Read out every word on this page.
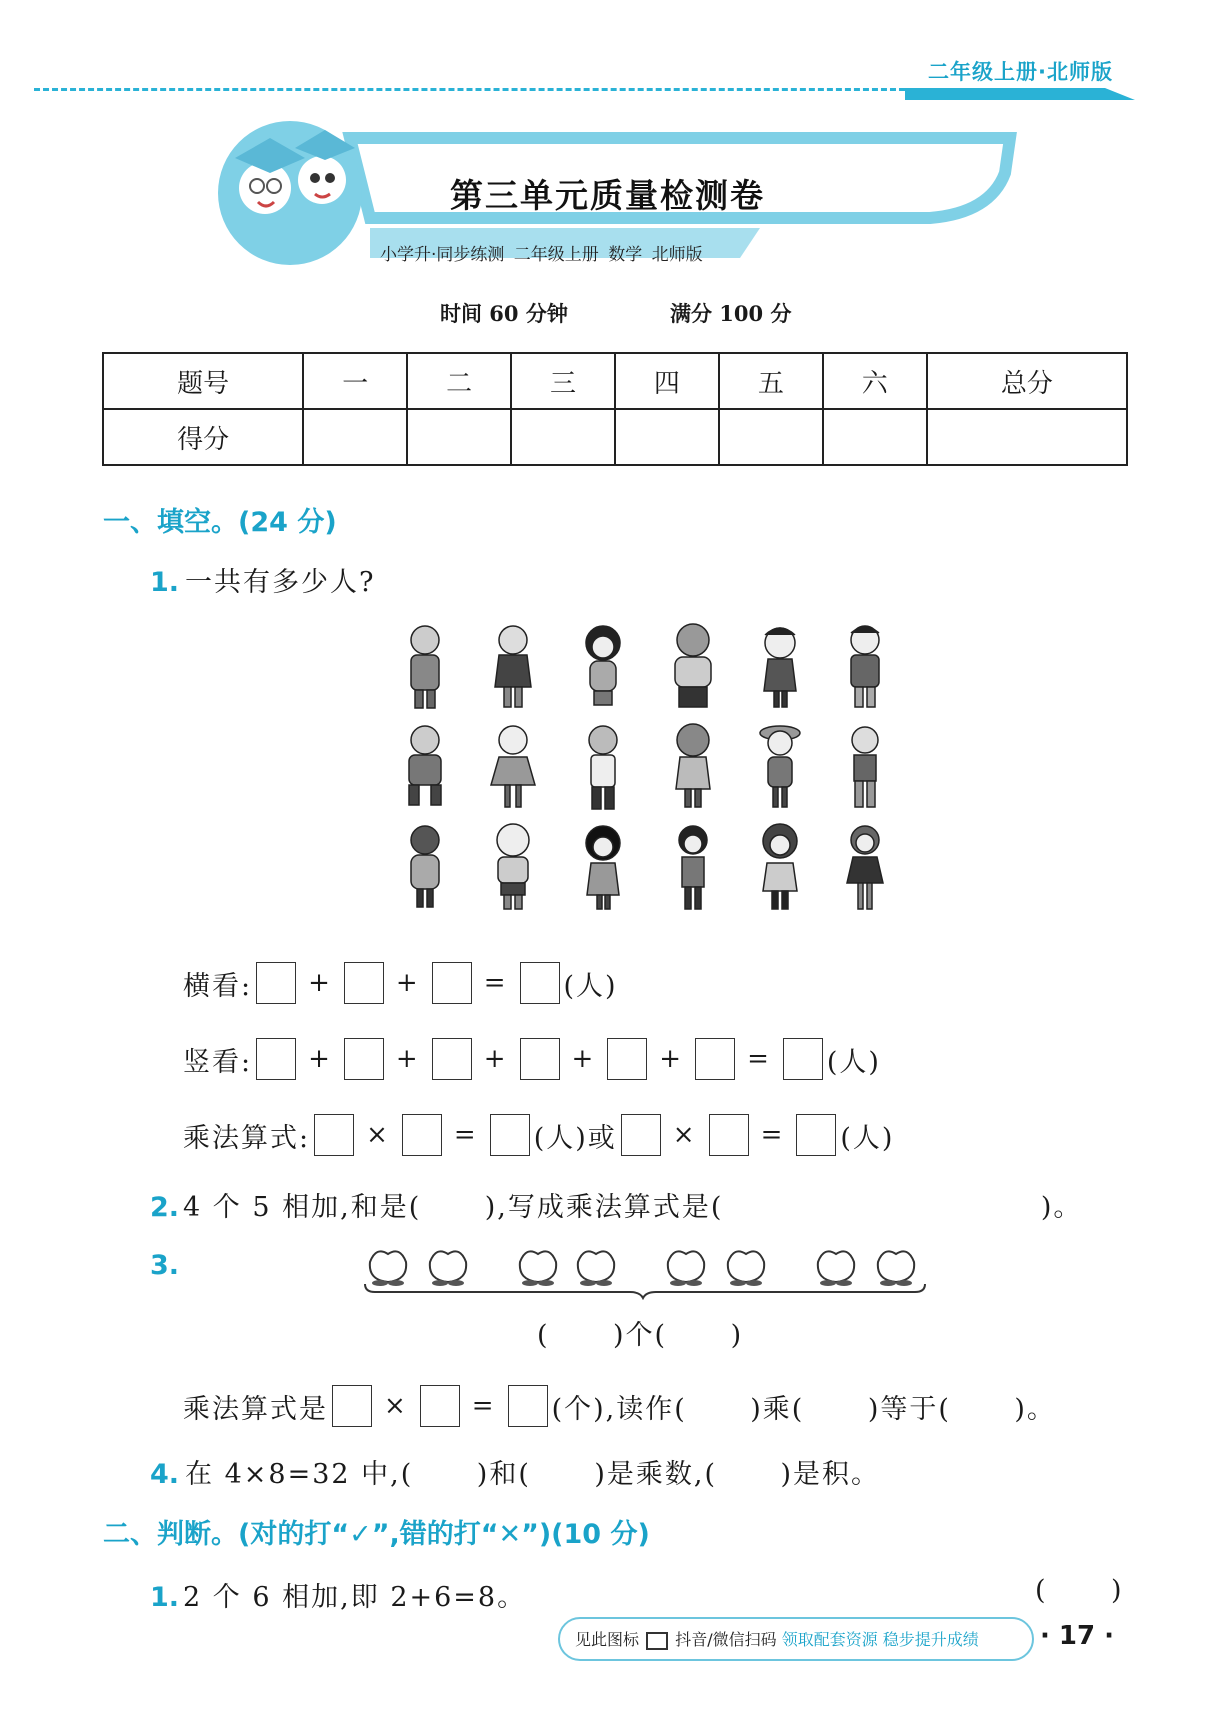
二年级上册·北师版
第三单元质量检测卷
小学升·同步练测 二年级上册 数学 北师版
时间 60 分钟	满分 100 分
题号	一	二	三	四	五	六	总分
得分							
一、填空。(24 分)
1. 一共有多少人?
横看: + + = (人)
竖看: + + + + + = (人)
乘法算式: × = (人) 或 × = (人)
2. 4 个 5 相加,和是(      ),写成乘法算式是(                              )。
3.
(      )个(      )
乘法算式是 × = (个),读作(      )乘(      )等于(      )。
4. 在 4×8=32 中,(      )和(      )是乘数,(      )是积。
二、判断。(对的打“✓”,错的打“✕”)(10 分)
1. 2 个 6 相加,即 2+6=8。	(      )
见此图标 抖音/微信扫码 领取配套资源 稳步提升成绩 · 17 ·
